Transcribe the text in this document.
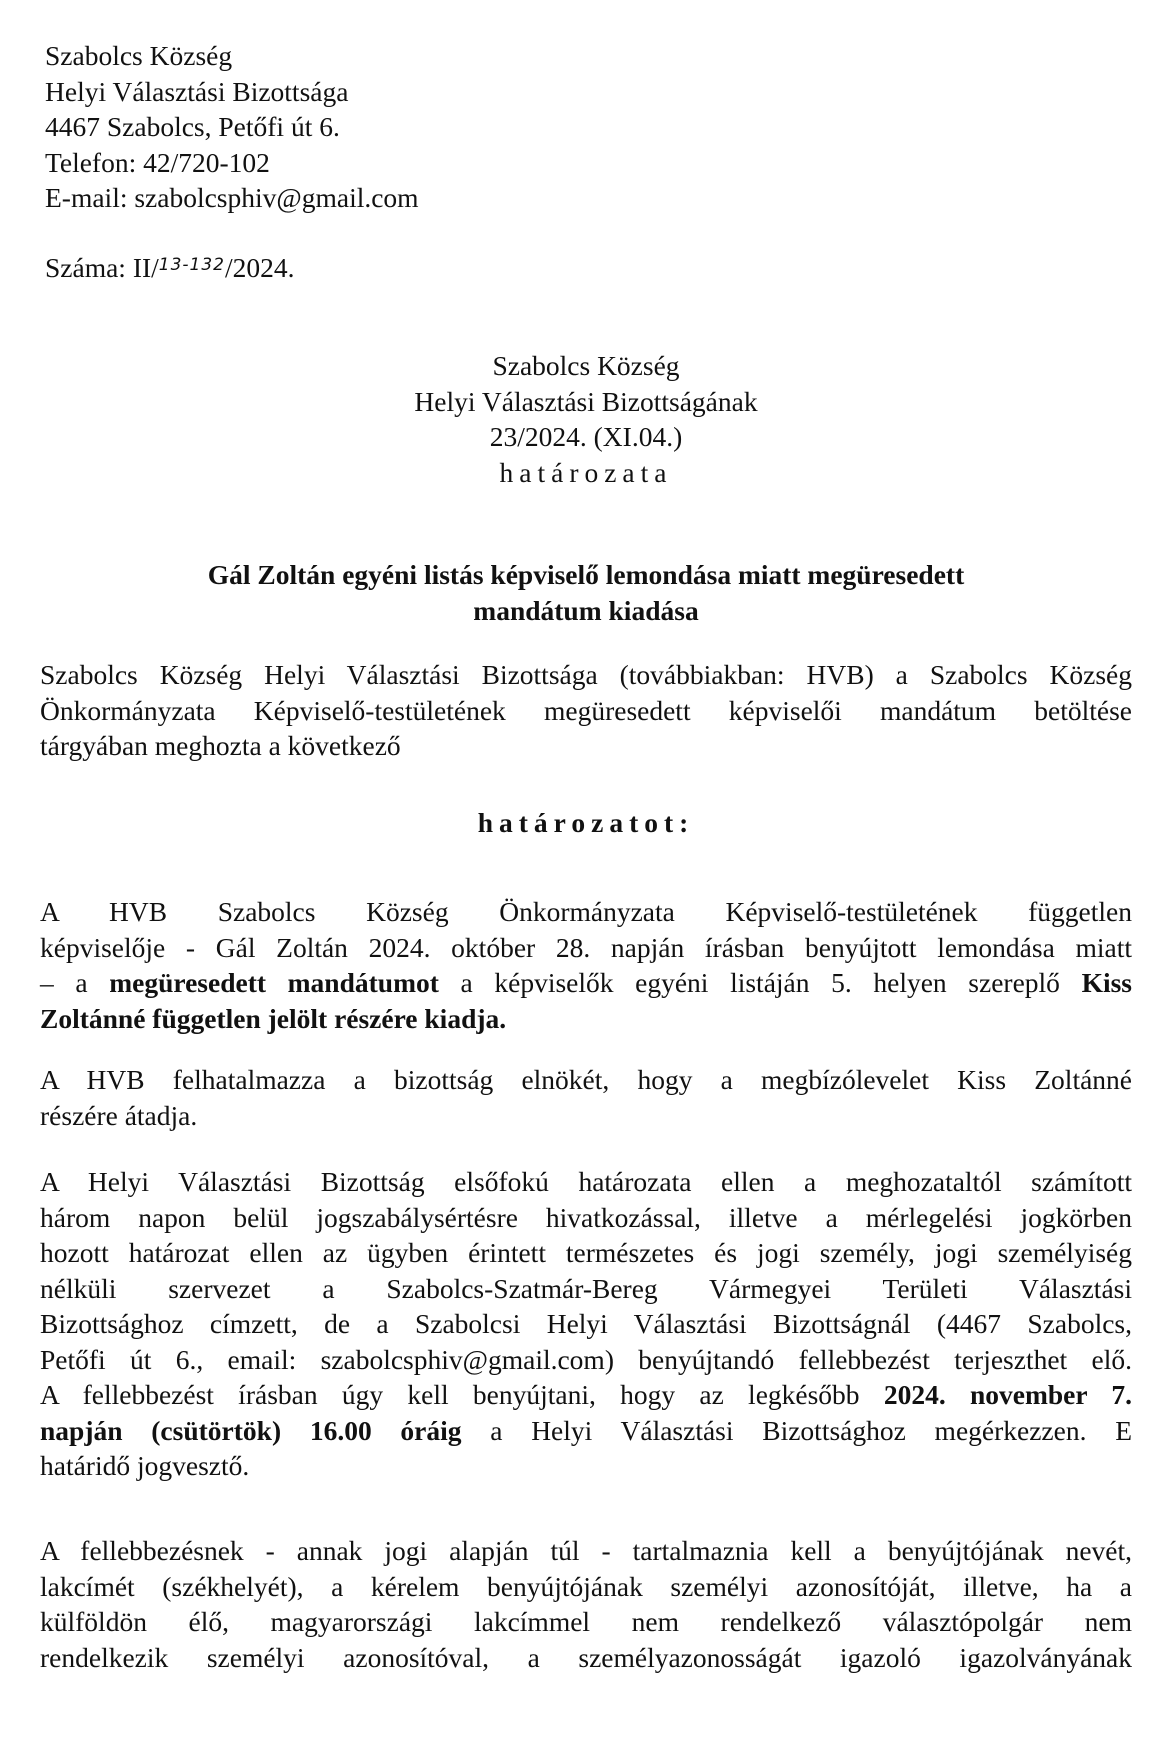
Szabolcs Község
Helyi Választási Bizottsága
4467 Szabolcs, Petőfi út 6.
Telefon: 42/720-102
E-mail: szabolcsphiv@gmail.com
Száma: II/$^{13-132}$/2024.
Szabolcs Község
Helyi Választási Bizottságának
23/2024. (XI.04.)
határozata
Gál Zoltán egyéni listás képviselő lemondása miatt megüresedett
mandátum kiadása
Szabolcs Község Helyi Választási Bizottsága (továbbiakban: HVB) a Szabolcs Község
Önkormányzata Képviselő-testületének megüresedett képviselői mandátum betöltése
tárgyában meghozta a következő
határozatot:
A HVB Szabolcs Község Önkormányzata Képviselő-testületének független
képviselője - Gál Zoltán 2024. október 28. napján írásban benyújtott lemondása miatt
– a megüresedett mandátumot a képviselők egyéni listáján 5. helyen szereplő Kiss
Zoltánné független jelölt részére kiadja.
A HVB felhatalmazza a bizottság elnökét, hogy a megbízólevelet Kiss Zoltánné
részére átadja.
A Helyi Választási Bizottság elsőfokú határozata ellen a meghozataltól számított
három napon belül jogszabálysértésre hivatkozással, illetve a mérlegelési jogkörben
hozott határozat ellen az ügyben érintett természetes és jogi személy, jogi személyiség
nélküli szervezet a Szabolcs-Szatmár-Bereg Vármegyei Területi Választási
Bizottsághoz címzett, de a Szabolcsi Helyi Választási Bizottságnál (4467 Szabolcs,
Petőfi út 6., email: szabolcsphiv@gmail.com) benyújtandó fellebbezést terjeszthet elő.
A fellebbezést írásban úgy kell benyújtani, hogy az legkésőbb 2024. november 7.
napján (csütörtök) 16.00 óráig a Helyi Választási Bizottsághoz megérkezzen. E
határidő jogvesztő.
A fellebbezésnek - annak jogi alapján túl - tartalmaznia kell a benyújtójának nevét,
lakcímét (székhelyét), a kérelem benyújtójának személyi azonosítóját, illetve, ha a
külföldön élő, magyarországi lakcímmel nem rendelkező választópolgár nem
rendelkezik személyi azonosítóval, a személyazonosságát igazoló igazolványának
